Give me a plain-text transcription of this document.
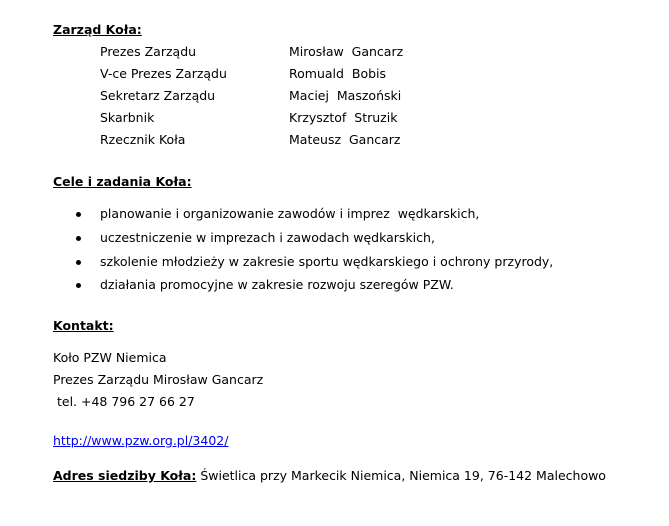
Zarząd Koła:
Prezes Zarządu	Mirosław  Gancarz
V-ce Prezes Zarządu	Romuald  Bobis
Sekretarz Zarządu	Maciej  Maszoński
Skarbnik	Krzysztof  Struzik
Rzecznik Koła	Mateusz  Gancarz
Cele i zadania Koła:
planowanie i organizowanie zawodów i imprez  wędkarskich,
uczestniczenie w imprezach i zawodach wędkarskich,
szkolenie młodzieży w zakresie sportu wędkarskiego i ochrony przyrody,
działania promocyjne w zakresie rozwoju szeregów PZW.
Kontakt:
Koło PZW Niemica
Prezes Zarządu Mirosław Gancarz
tel. +48 796 27 66 27
http://www.pzw.org.pl/3402/
Adres siedziby Koła: Świetlica przy Markecik Niemica, Niemica 19, 76-142 Malechowo
